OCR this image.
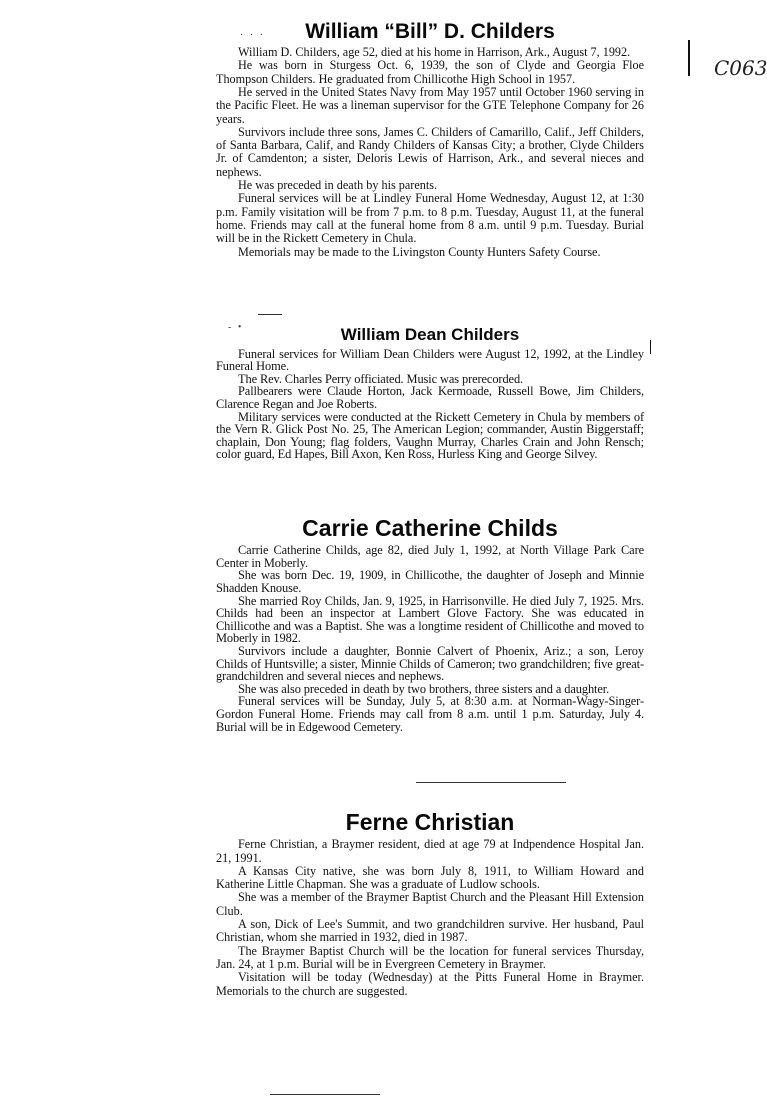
C063
· · ·
- •
William “Bill” D. Childers

William D. Childers, age 52, died at his home in Harrison, Ark., August 7, 1992.

He was born in Sturgess Oct. 6, 1939, the son of Clyde and Georgia Floe Thompson Childers. He graduated from Chillicothe High School in 1957.

He served in the United States Navy from May 1957 until October 1960 serving in the Pacific Fleet. He was a lineman supervisor for the GTE Telephone Company for 26 years.

Survivors include three sons, James C. Childers of Camarillo, Calif., Jeff Childers, of Santa Barbara, Calif, and Randy Childers of Kansas City; a brother, Clyde Childers Jr. of Camdenton; a sister, Deloris Lewis of Harrison, Ark., and several nieces and nephews.

He was preceded in death by his parents.

Funeral services will be at Lindley Funeral Home Wednesday, August 12, at 1:30 p.m. Family visitation will be from 7 p.m. to 8 p.m. Tuesday, August 11, at the funeral home. Friends may call at the funeral home from 8 a.m. until 9 p.m. Tuesday. Burial will be in the Rickett Cemetery in Chula.

Memorials may be made to the Livingston County Hunters Safety Course.

William Dean Childers

Funeral services for William Dean Childers were August 12, 1992, at the Lindley Funeral Home.

The Rev. Charles Perry officiated. Music was prerecorded.

Pallbearers were Claude Horton, Jack Kermoade, Russell Bowe, Jim Childers, Clarence Regan and Joe Roberts.

Military services were conducted at the Rickett Cemetery in Chula by members of the Vern R. Glick Post No. 25, The American Legion; commander, Austin Biggerstaff; chaplain, Don Young; flag folders, Vaughn Murray, Charles Crain and John Rensch; color guard, Ed Hapes, Bill Axon, Ken Ross, Hurless King and George Silvey.

Carrie Catherine Childs

Carrie Catherine Childs, age 82, died July 1, 1992, at North Village Park Care Center in Moberly.

She was born Dec. 19, 1909, in Chillicothe, the daughter of Joseph and Minnie Shadden Knouse.

She married Roy Childs, Jan. 9, 1925, in Harrisonville. He died July 7, 1925. Mrs. Childs had been an inspector at Lambert Glove Factory. She was educated in Chillicothe and was a Baptist. She was a longtime resident of Chillicothe and moved to Moberly in 1982.

Survivors include a daughter, Bonnie Calvert of Phoenix, Ariz.; a son, Leroy Childs of Huntsville; a sister, Minnie Childs of Cameron; two grandchildren; five great-grandchildren and several nieces and nephews.

She was also preceded in death by two brothers, three sisters and a daughter.

Funeral services will be Sunday, July 5, at 8:30 a.m. at Norman-Wagy-Singer-Gordon Funeral Home. Friends may call from 8 a.m. until 1 p.m. Saturday, July 4. Burial will be in Edgewood Cemetery.

Ferne Christian

Ferne Christian, a Braymer resident, died at age 79 at Indpendence Hospital Jan. 21, 1991.

A Kansas City native, she was born July 8, 1911, to William Howard and Katherine Little Chapman. She was a graduate of Ludlow schools.

She was a member of the Braymer Baptist Church and the Pleasant Hill Extension Club.

A son, Dick of Lee's Summit, and two grandchildren survive. Her husband, Paul Christian, whom she married in 1932, died in 1987.

The Braymer Baptist Church will be the location for funeral services Thursday, Jan. 24, at 1 p.m. Burial will be in Evergreen Cemetery in Braymer.

Visitation will be today (Wednesday) at the Pitts Funeral Home in Braymer. Memorials to the church are suggested.
